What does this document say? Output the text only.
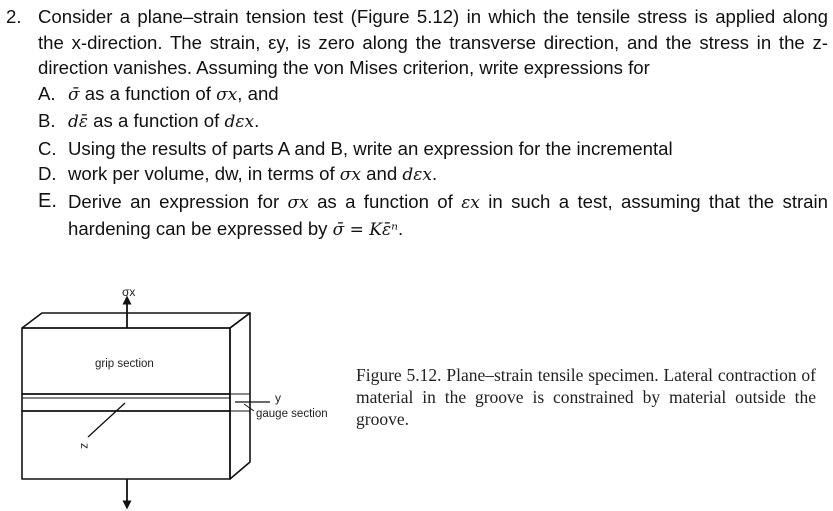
2. Consider a plane–strain tension test (Figure 5.12) in which the tensile stress is applied along the x-direction. The strain, εy, is zero along the transverse direction, and the stress in the z-direction vanishes. Assuming the von Mises criterion, write expressions for
A. σ̄ as a function of σx, and
B. dε̄ as a function of dεx.
C. Using the results of parts A and B, write an expression for the incremental
D. work per volume, dw, in terms of σx and dεx.
E. Derive an expression for σx as a function of εx in such a test, assuming that the strain hardening can be expressed by σ̄ = Kε̄ⁿ.
σx
grip section
y
gauge section
z
Figure 5.12. Plane–strain tensile specimen. Lateral contraction of material in the groove is constrained by material outside the groove.
